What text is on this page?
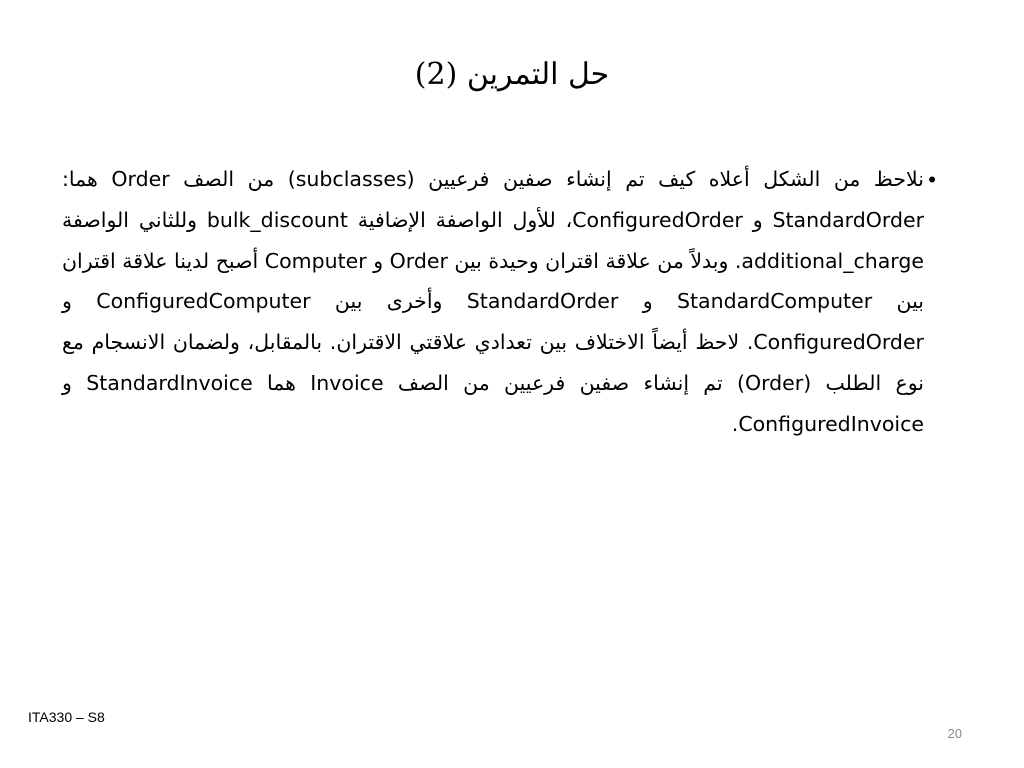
حل التمرين (2)
•
نلاحظ من الشكل أعلاه كيف تم إنشاء صفين فرعيين (subclasses) من الصف Order هما: StandardOrder و ConfiguredOrder، للأول الواصفة الإضافية bulk_discount وللثاني الواصفة additional_charge. وبدلاً من علاقة اقتران وحيدة بين Order و Computer أصبح لدينا علاقة اقتران بين StandardComputer و StandardOrder وأخرى بين ConfiguredComputer و ConfiguredOrder. لاحظ أيضاً الاختلاف بين تعدادي علاقتي الاقتران. بالمقابل، ولضمان الانسجام مع نوع الطلب (Order) تم إنشاء صفين فرعيين من الصف Invoice هما StandardInvoice و ConfiguredInvoice.
ITA330 – S8
20
